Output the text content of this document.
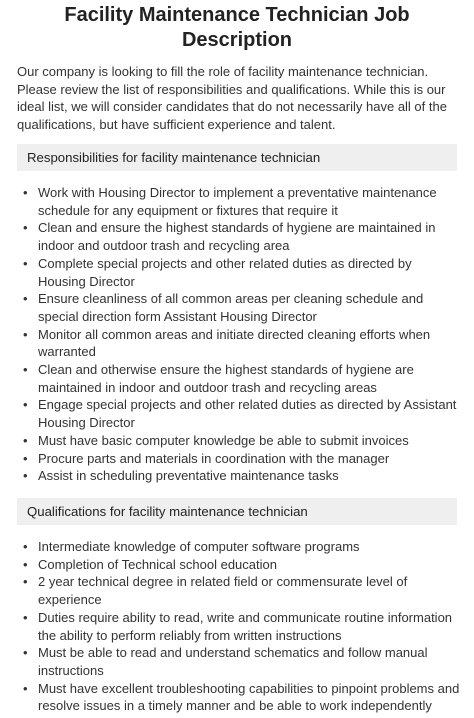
Facility Maintenance Technician Job Description

Our company is looking to fill the role of facility maintenance technician. Please review the list of responsibilities and qualifications. While this is our ideal list, we will consider candidates that do not necessarily have all of the qualifications, but have sufficient experience and talent.

Responsibilities for facility maintenance technician
• Work with Housing Director to implement a preventative maintenance schedule for any equipment or fixtures that require it
• Clean and ensure the highest standards of hygiene are maintained in indoor and outdoor trash and recycling area
• Complete special projects and other related duties as directed by Housing Director
• Ensure cleanliness of all common areas per cleaning schedule and special direction form Assistant Housing Director
• Monitor all common areas and initiate directed cleaning efforts when warranted
• Clean and otherwise ensure the highest standards of hygiene are maintained in indoor and outdoor trash and recycling areas
• Engage special projects and other related duties as directed by Assistant Housing Director
• Must have basic computer knowledge be able to submit invoices
• Procure parts and materials in coordination with the manager
• Assist in scheduling preventative maintenance tasks
Qualifications for facility maintenance technician
• Intermediate knowledge of computer software programs
• Completion of Technical school education
• 2 year technical degree in related field or commensurate level of experience
• Duties require ability to read, write and communicate routine information the ability to perform reliably from written instructions
• Must be able to read and understand schematics and follow manual instructions
• Must have excellent troubleshooting capabilities to pinpoint problems and resolve issues in a timely manner and be able to work independently
